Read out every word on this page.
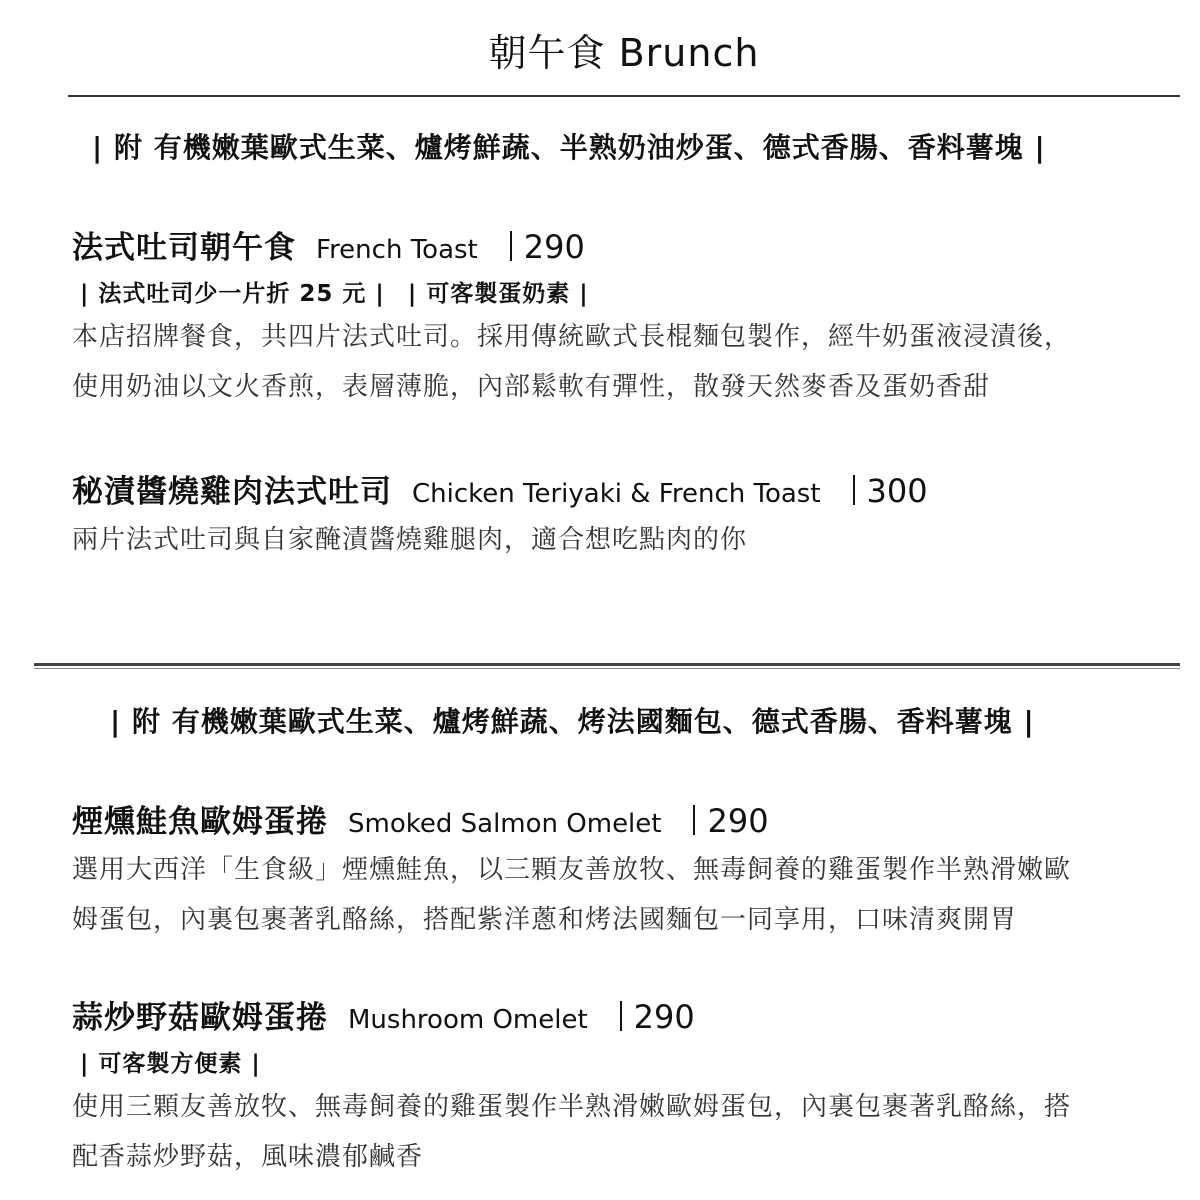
朝午食 Brunch
| 附 有機嫩葉歐式生菜、爐烤鮮蔬、半熟奶油炒蛋、德式香腸、香料薯塊 |
法式吐司朝午食 French Toast	290
| 法式吐司少一片折 25 元 | | 可客製蛋奶素 |
本店招牌餐食，共四片法式吐司。採用傳統歐式長棍麵包製作，經牛奶蛋液浸漬後，
使用奶油以文火香煎，表層薄脆，內部鬆軟有彈性，散發天然麥香及蛋奶香甜
秘漬醬燒雞肉法式吐司 Chicken Teriyaki & French Toast	300
兩片法式吐司與自家醃漬醬燒雞腿肉，適合想吃點肉的你
| 附 有機嫩葉歐式生菜、爐烤鮮蔬、烤法國麵包、德式香腸、香料薯塊 |
煙燻鮭魚歐姆蛋捲 Smoked Salmon Omelet	290
選用大西洋「生食級」煙燻鮭魚，以三顆友善放牧、無毒飼養的雞蛋製作半熟滑嫩歐
姆蛋包，內裏包裹著乳酪絲，搭配紫洋蔥和烤法國麵包一同享用，口味清爽開胃
蒜炒野菇歐姆蛋捲 Mushroom Omelet	290
| 可客製方便素 |
使用三顆友善放牧、無毒飼養的雞蛋製作半熟滑嫩歐姆蛋包，內裏包裹著乳酪絲，搭
配香蒜炒野菇，風味濃郁鹹香
